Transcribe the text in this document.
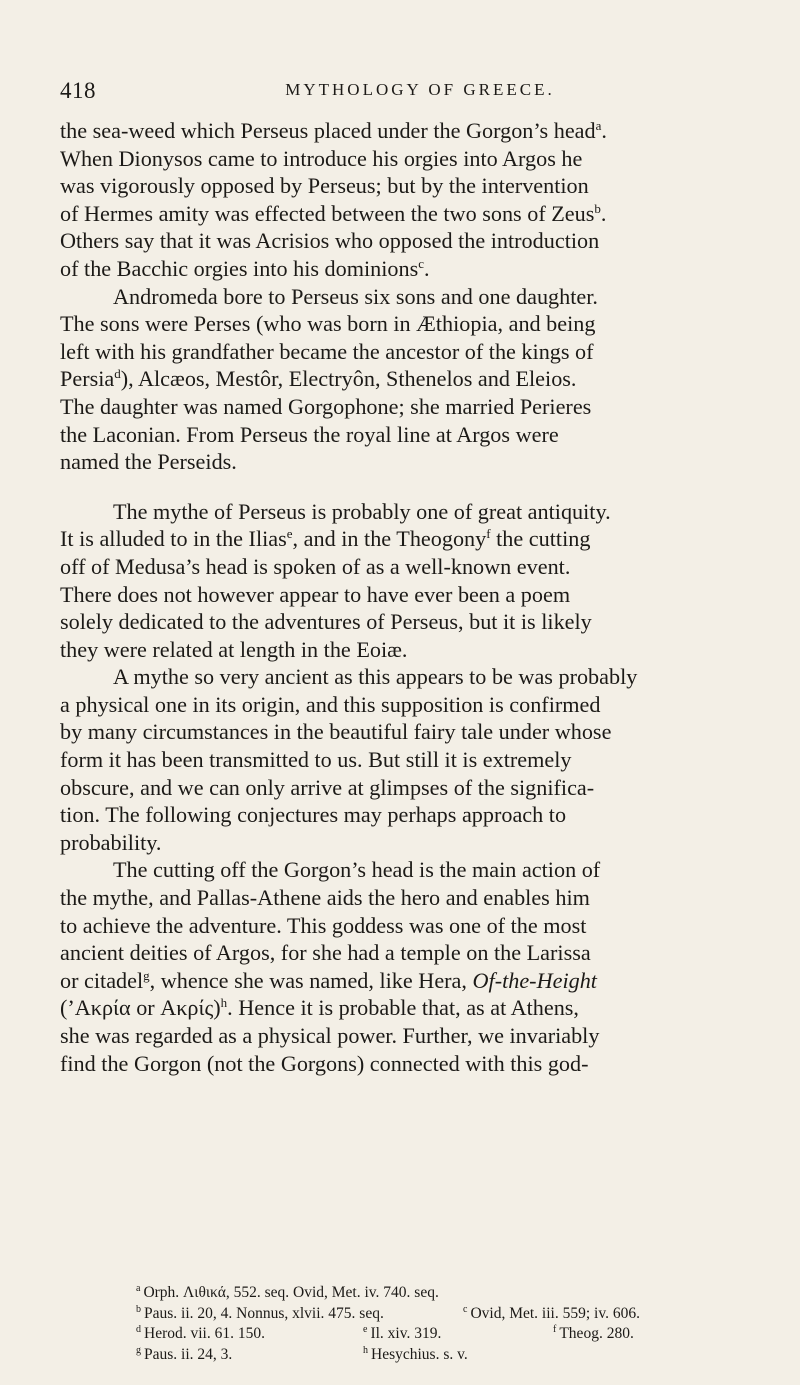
418	MYTHOLOGY OF GREECE.
the sea-weed which Perseus placed under the Gorgon’s head$^a$.
When Dionysos came to introduce his orgies into Argos he
was vigorously opposed by Perseus; but by the intervention
of Hermes amity was effected between the two sons of Zeus$^b$.
Others say that it was Acrisios who opposed the introduction
of the Bacchic orgies into his dominions$^c$.
Andromeda bore to Perseus six sons and one daughter.
The sons were Perses (who was born in Æthiopia, and being
left with his grandfather became the ancestor of the kings of
Persia$^d$), Alcæos, Mestôr, Electryôn, Sthenelos and Eleios.
The daughter was named Gorgophone; she married Perieres
the Laconian. From Perseus the royal line at Argos were
named the Perseids.
The mythe of Perseus is probably one of great antiquity.
It is alluded to in the Ilias$^e$, and in the Theogony$^f$ the cutting
off of Medusa’s head is spoken of as a well-known event.
There does not however appear to have ever been a poem
solely dedicated to the adventures of Perseus, but it is likely
they were related at length in the Eoiæ.
A mythe so very ancient as this appears to be was probably
a physical one in its origin, and this supposition is confirmed
by many circumstances in the beautiful fairy tale under whose
form it has been transmitted to us. But still it is extremely
obscure, and we can only arrive at glimpses of the significa-
tion. The following conjectures may perhaps approach to
probability.
The cutting off the Gorgon’s head is the main action of
the mythe, and Pallas-Athene aids the hero and enables him
to achieve the adventure. This goddess was one of the most
ancient deities of Argos, for she had a temple on the Larissa
or citadel$^g$, whence she was named, like Hera, Of-the-Height
(’Ακρία or Ακρίς)$^h$. Hence it is probable that, as at Athens,
she was regarded as a physical power. Further, we invariably
find the Gorgon (not the Gorgons) connected with this god-
$^a$ Orph. Λιθικά, 552. seq. Ovid, Met. iv. 740. seq.
$^b$ Paus. ii. 20, 4. Nonnus, xlvii. 475. seq.	$^c$ Ovid, Met. iii. 559; iv. 606.
$^d$ Herod. vii. 61. 150.	$^e$ Il. xiv. 319.	$^f$ Theog. 280.
$^g$ Paus. ii. 24, 3.	$^h$ Hesychius. s. v.
